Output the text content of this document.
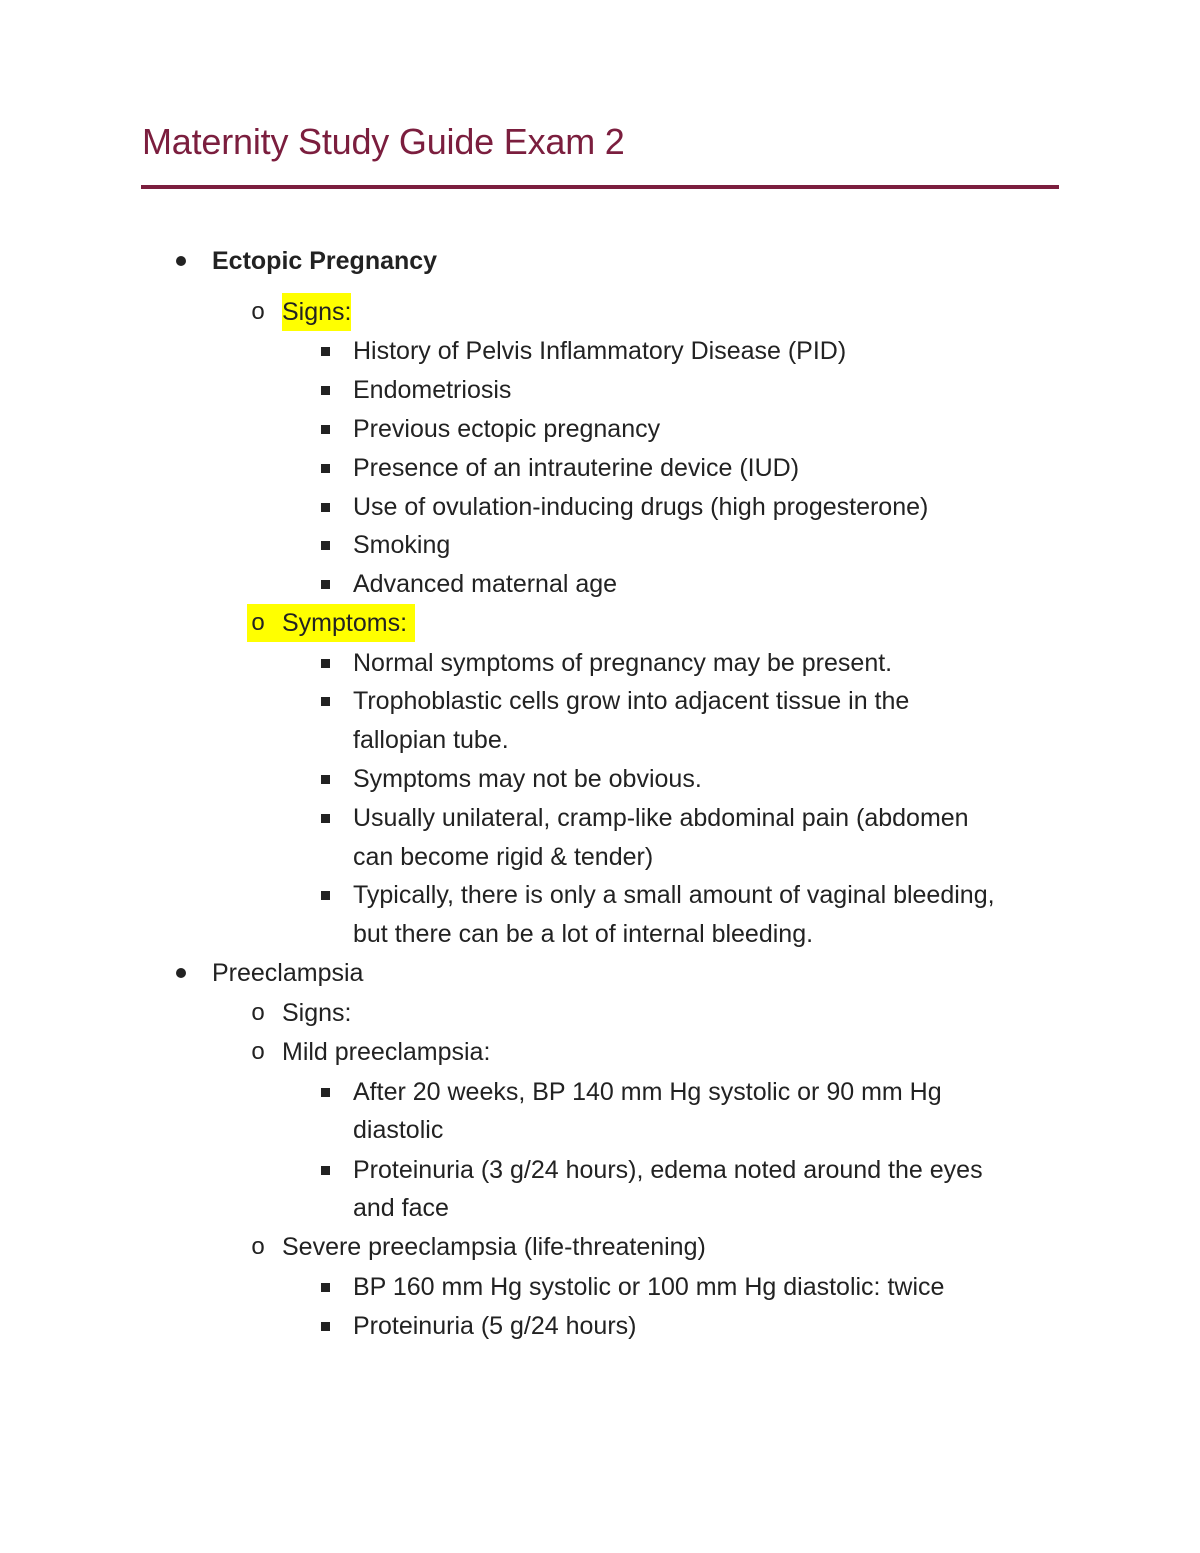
Maternity Study Guide Exam 2
Ectopic Pregnancy
o Signs:
History of Pelvis Inflammatory Disease (PID)
Endometriosis
Previous ectopic pregnancy
Presence of an intrauterine device (IUD)
Use of ovulation-inducing drugs (high progesterone)
Smoking
Advanced maternal age
o Symptoms:
Normal symptoms of pregnancy may be present.
Trophoblastic cells grow into adjacent tissue in the
fallopian tube.
Symptoms may not be obvious.
Usually unilateral, cramp-like abdominal pain (abdomen
can become rigid & tender)
Typically, there is only a small amount of vaginal bleeding,
but there can be a lot of internal bleeding.
Preeclampsia
o Signs:
o Mild preeclampsia:
After 20 weeks, BP 140 mm Hg systolic or 90 mm Hg
diastolic
Proteinuria (3 g/24 hours), edema noted around the eyes
and face
o Severe preeclampsia (life-threatening)
BP 160 mm Hg systolic or 100 mm Hg diastolic: twice
Proteinuria (5 g/24 hours)
